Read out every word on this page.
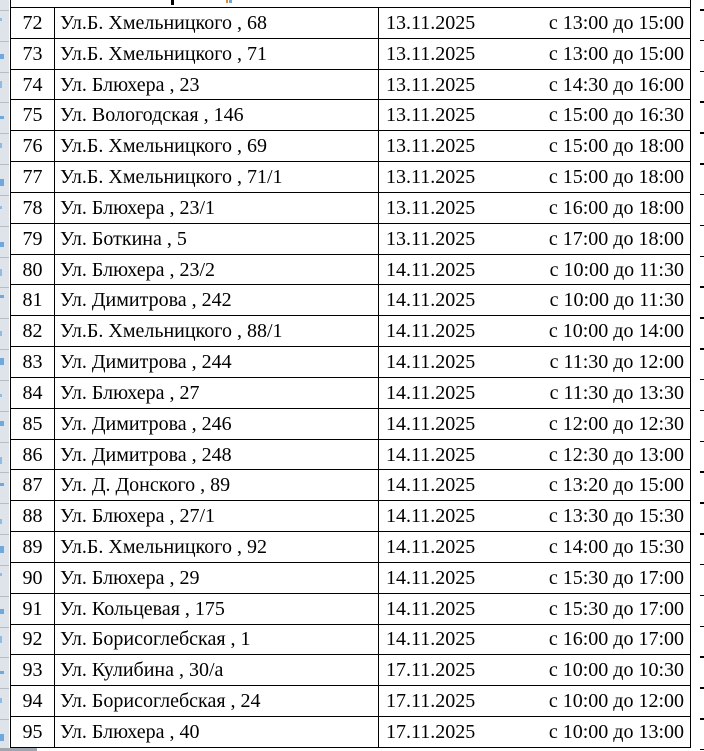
72 Ул.Б. Хмельницкого , 68	13.11.2025	с 13:00 до 15:00
73 Ул.Б. Хмельницкого , 71	13.11.2025	с 13:00 до 15:00
74 Ул. Блюхера , 23	13.11.2025	с 14:30 до 16:00
75 Ул. Вологодская , 146	13.11.2025	с 15:00 до 16:30
76 Ул.Б. Хмельницкого , 69	13.11.2025	с 15:00 до 18:00
77 Ул.Б. Хмельницкого , 71/1	13.11.2025	с 15:00 до 18:00
78 Ул. Блюхера , 23/1	13.11.2025	с 16:00 до 18:00
79 Ул. Боткина , 5	13.11.2025	с 17:00 до 18:00
80 Ул. Блюхера , 23/2	14.11.2025	с 10:00 до 11:30
81 Ул. Димитрова , 242	14.11.2025	с 10:00 до 11:30
82 Ул.Б. Хмельницкого , 88/1	14.11.2025	с 10:00 до 14:00
83 Ул. Димитрова , 244	14.11.2025	с 11:30 до 12:00
84 Ул. Блюхера , 27	14.11.2025	с 11:30 до 13:30
85 Ул. Димитрова , 246	14.11.2025	с 12:00 до 12:30
86 Ул. Димитрова , 248	14.11.2025	с 12:30 до 13:00
87 Ул. Д. Донского , 89	14.11.2025	с 13:20 до 15:00
88 Ул. Блюхера , 27/1	14.11.2025	с 13:30 до 15:30
89 Ул.Б. Хмельницкого , 92	14.11.2025	с 14:00 до 15:30
90 Ул. Блюхера , 29	14.11.2025	с 15:30 до 17:00
91 Ул. Кольцевая , 175	14.11.2025	с 15:30 до 17:00
92 Ул. Борисоглебская , 1	14.11.2025	с 16:00 до 17:00
93 Ул. Кулибина , 30/а	17.11.2025	с 10:00 до 10:30
94 Ул. Борисоглебская , 24	17.11.2025	с 10:00 до 12:00
95 Ул. Блюхера , 40	17.11.2025	с 10:00 до 13:00
